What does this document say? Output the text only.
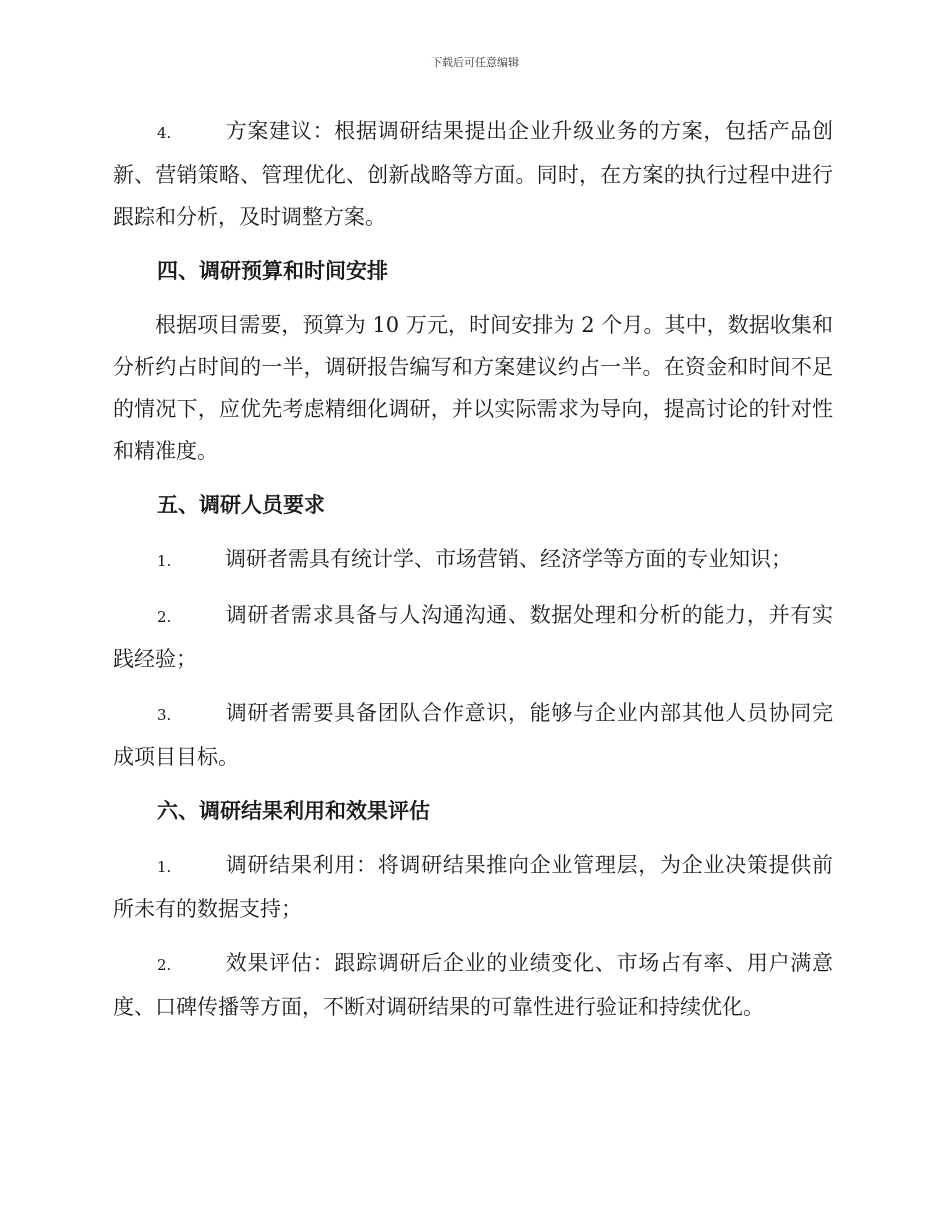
下载后可任意编辑
4.	方案建议：根据调研结果提出企业升级业务的方案，包括产品创新、营销策略、管理优化、创新战略等方面。同时，在方案的执行过程中进行跟踪和分析，及时调整方案。
四、调研预算和时间安排
根据项目需要，预算为 10 万元，时间安排为 2 个月。其中，数据收集和分析约占时间的一半，调研报告编写和方案建议约占一半。在资金和时间不足的情况下，应优先考虑精细化调研，并以实际需求为导向，提高讨论的针对性和精准度。
五、调研人员要求
1.	调研者需具有统计学、市场营销、经济学等方面的专业知识；
2.	调研者需求具备与人沟通沟通、数据处理和分析的能力，并有实践经验；
3.	调研者需要具备团队合作意识，能够与企业内部其他人员协同完成项目目标。
六、调研结果利用和效果评估
1.	调研结果利用：将调研结果推向企业管理层，为企业决策提供前所未有的数据支持；
2.	效果评估：跟踪调研后企业的业绩变化、市场占有率、用户满意度、口碑传播等方面，不断对调研结果的可靠性进行验证和持续优化。
